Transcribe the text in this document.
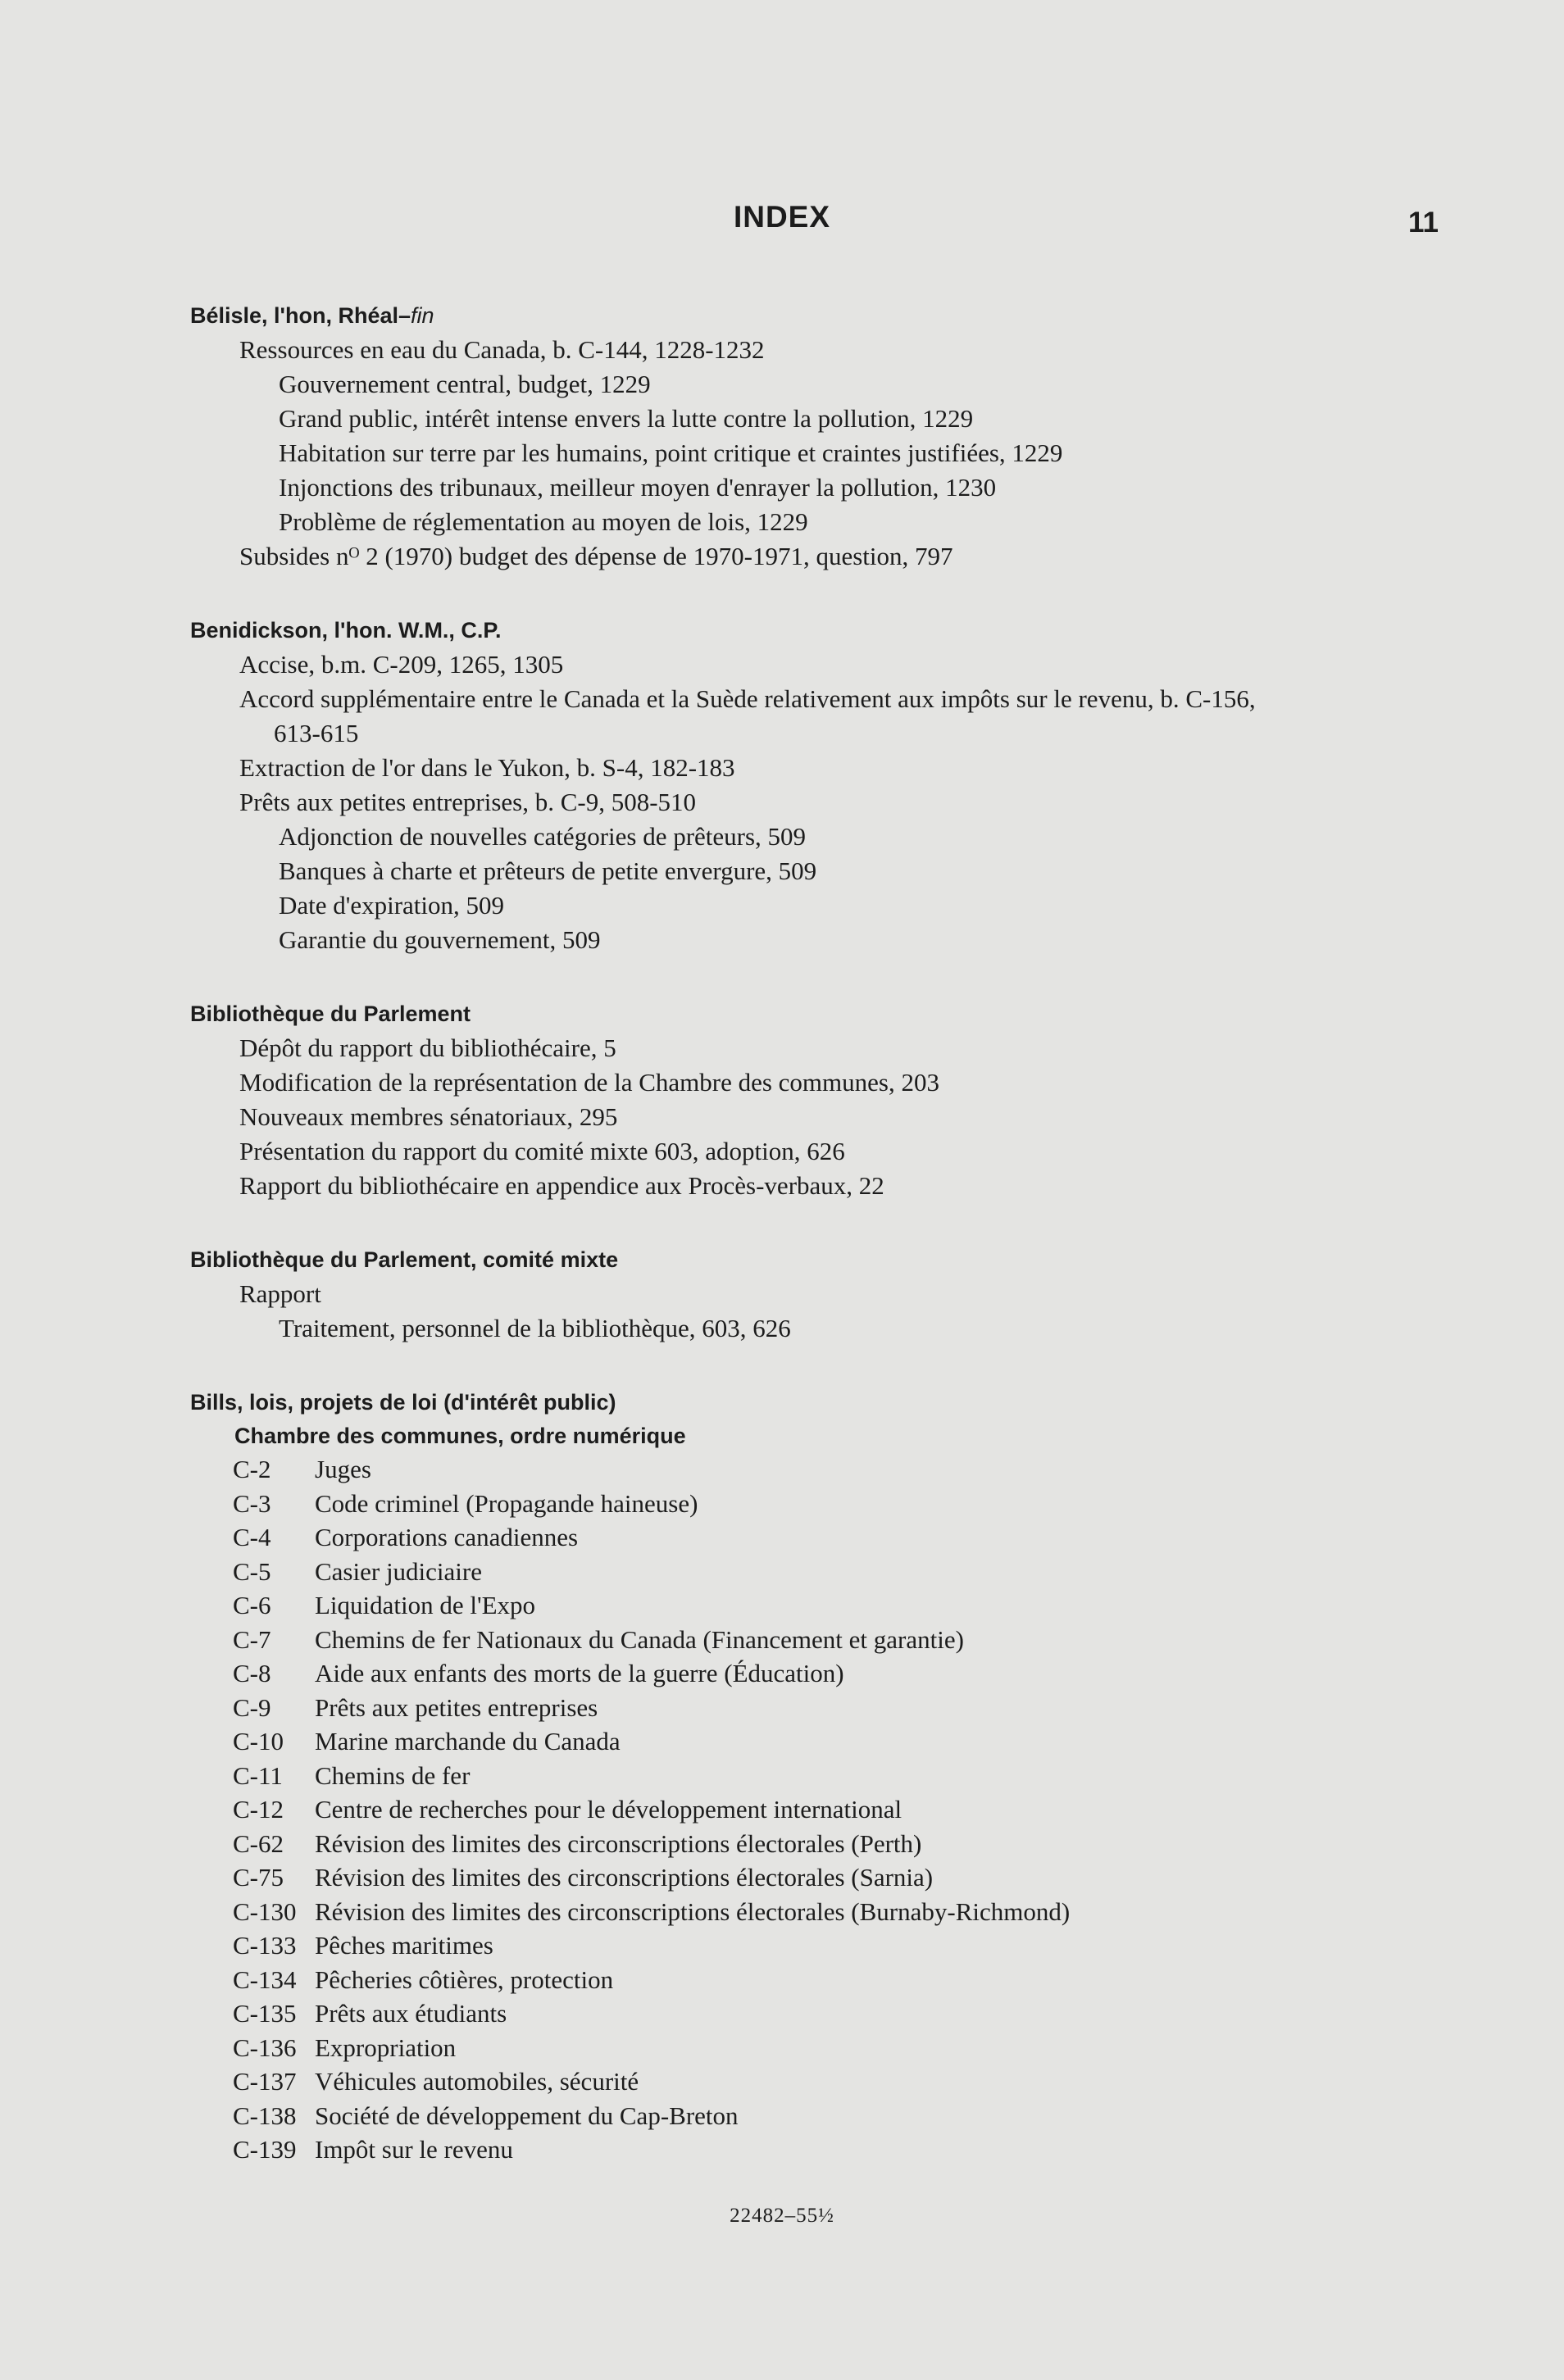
INDEX	11
Bélisle, l'hon, Rhéal–fin
Ressources en eau du Canada, b. C-144, 1228-1232
Gouvernement central, budget, 1229
Grand public, intérêt intense envers la lutte contre la pollution, 1229
Habitation sur terre par les humains, point critique et craintes justifiées, 1229
Injonctions des tribunaux, meilleur moyen d'enrayer la pollution, 1230
Problème de réglementation au moyen de lois, 1229
Subsides nᴼ 2 (1970) budget des dépense de 1970-1971, question, 797
Benidickson, l'hon. W.M., C.P.
Accise, b.m. C-209, 1265, 1305
Accord supplémentaire entre le Canada et la Suède relativement aux impôts sur le revenu, b. C-156,
613-615
Extraction de l'or dans le Yukon, b. S-4, 182-183
Prêts aux petites entreprises, b. C-9, 508-510
Adjonction de nouvelles catégories de prêteurs, 509
Banques à charte et prêteurs de petite envergure, 509
Date d'expiration, 509
Garantie du gouvernement, 509
Bibliothèque du Parlement
Dépôt du rapport du bibliothécaire, 5
Modification de la représentation de la Chambre des communes, 203
Nouveaux membres sénatoriaux, 295
Présentation du rapport du comité mixte 603, adoption, 626
Rapport du bibliothécaire en appendice aux Procès-verbaux, 22
Bibliothèque du Parlement, comité mixte
Rapport
Traitement, personnel de la bibliothèque, 603, 626
Bills, lois, projets de loi (d'intérêt public)
Chambre des communes, ordre numérique
C-2	Juges
C-3	Code criminel (Propagande haineuse)
C-4	Corporations canadiennes
C-5	Casier judiciaire
C-6	Liquidation de l'Expo
C-7	Chemins de fer Nationaux du Canada (Financement et garantie)
C-8	Aide aux enfants des morts de la guerre (Éducation)
C-9	Prêts aux petites entreprises
C-10	Marine marchande du Canada
C-11	Chemins de fer
C-12	Centre de recherches pour le développement international
C-62	Révision des limites des circonscriptions électorales (Perth)
C-75	Révision des limites des circonscriptions électorales (Sarnia)
C-130 Révision des limites des circonscriptions électorales (Burnaby-Richmond)
C-133 Pêches maritimes
C-134 Pêcheries côtières, protection
C-135 Prêts aux étudiants
C-136 Expropriation
C-137 Véhicules automobiles, sécurité
C-138 Société de développement du Cap-Breton
C-139 Impôt sur le revenu
22482–55½
